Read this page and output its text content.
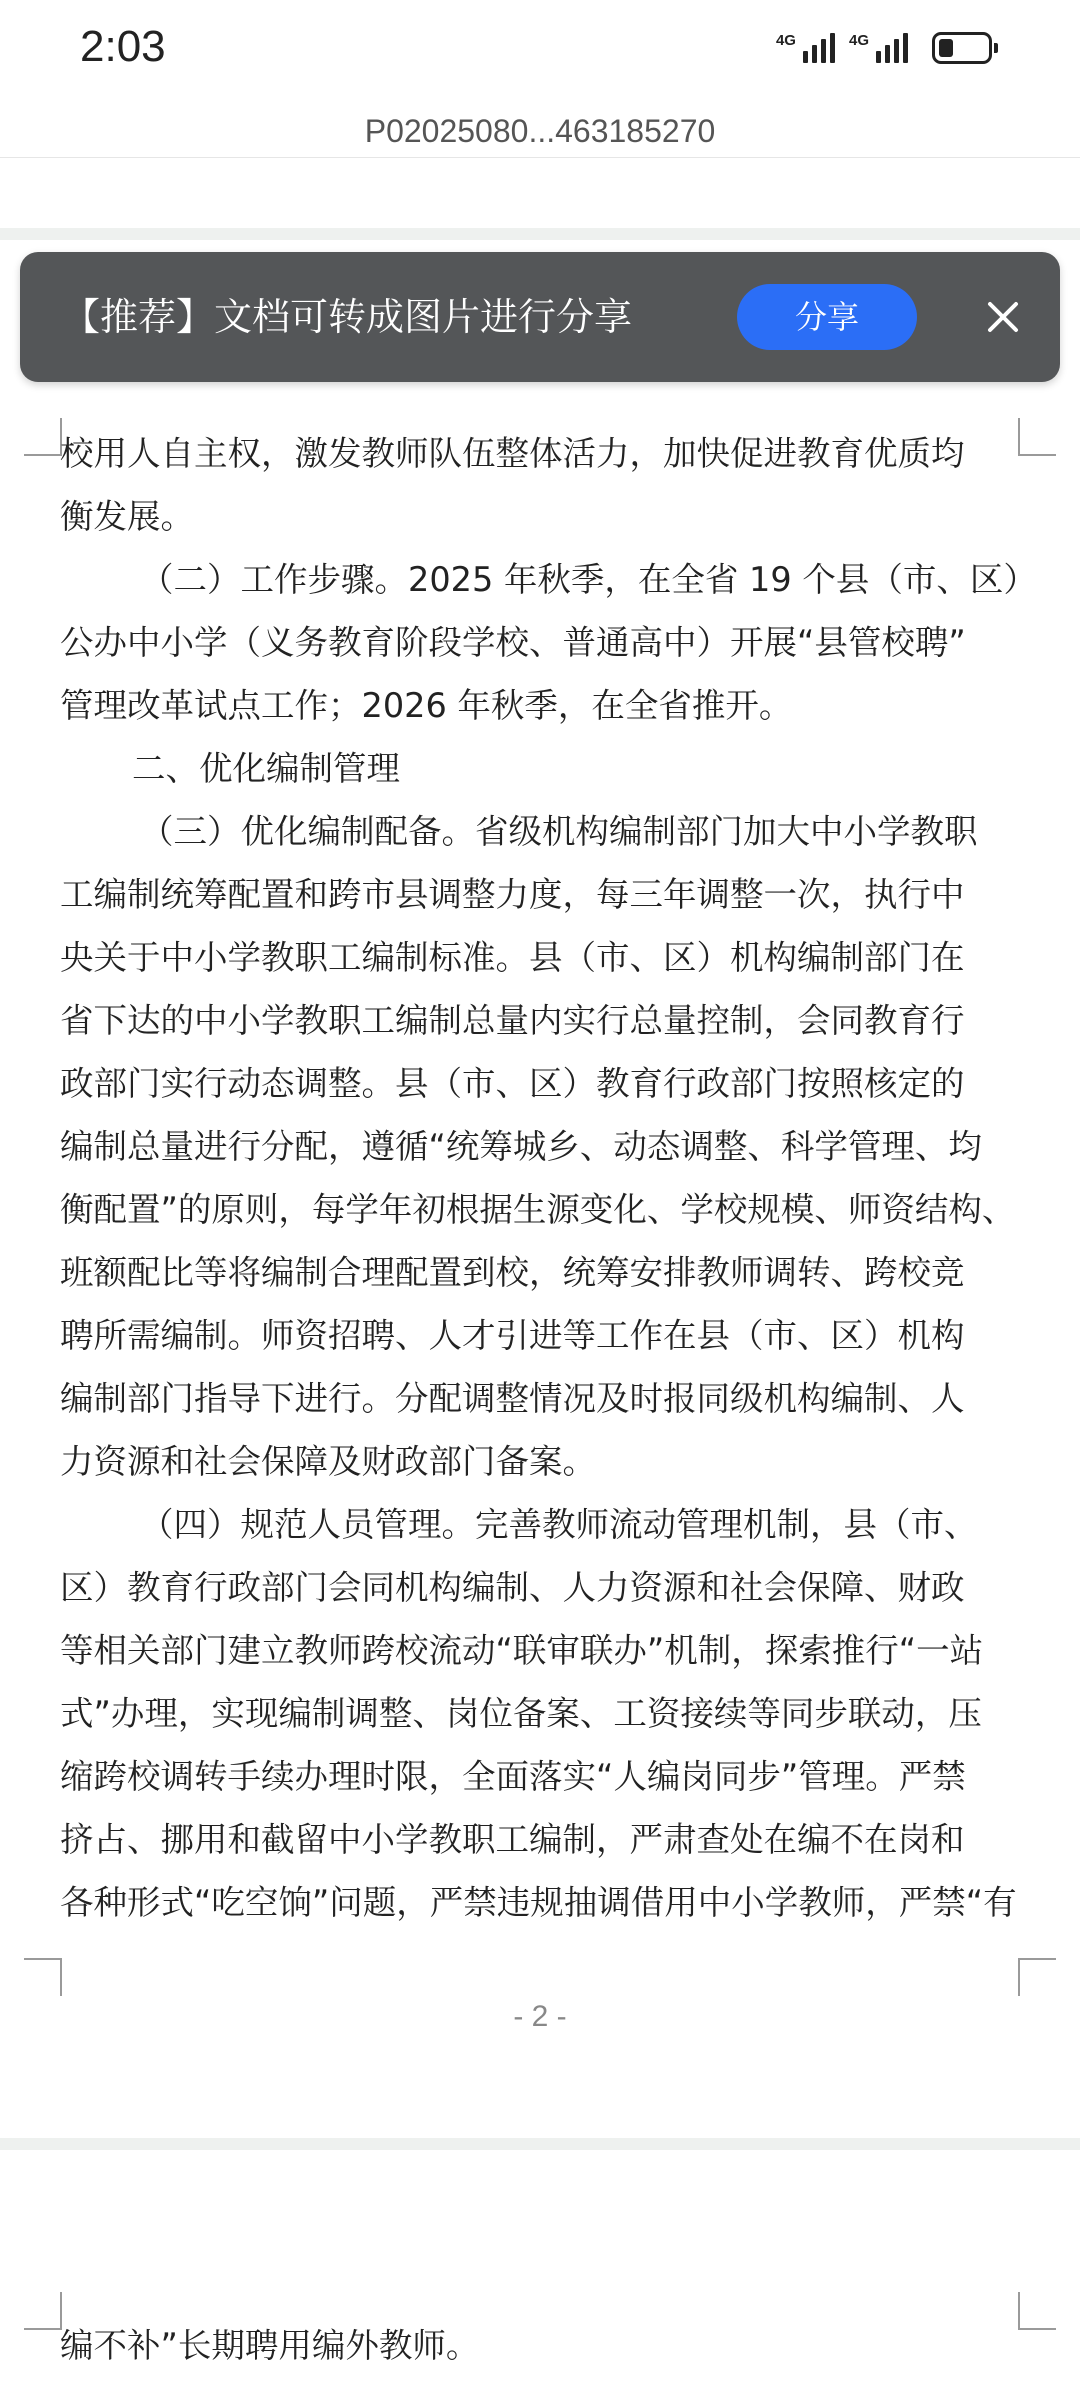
2:03	4G	4G
P02025080...463185270
校用人自主权，激发教师队伍整体活力，加快促进教育优质均
衡发展。
（二）工作步骤。2025 年秋季，在全省 19 个县（市、区）
公办中小学（义务教育阶段学校、普通高中）开展“县管校聘”
管理改革试点工作；2026 年秋季，在全省推开。
二、优化编制管理
（三）优化编制配备。省级机构编制部门加大中小学教职
工编制统筹配置和跨市县调整力度，每三年调整一次，执行中
央关于中小学教职工编制标准。县（市、区）机构编制部门在
省下达的中小学教职工编制总量内实行总量控制，会同教育行
政部门实行动态调整。县（市、区）教育行政部门按照核定的
编制总量进行分配，遵循“统筹城乡、动态调整、科学管理、均
衡配置”的原则，每学年初根据生源变化、学校规模、师资结构、
班额配比等将编制合理配置到校，统筹安排教师调转、跨校竞
聘所需编制。师资招聘、人才引进等工作在县（市、区）机构
编制部门指导下进行。分配调整情况及时报同级机构编制、人
力资源和社会保障及财政部门备案。
（四）规范人员管理。完善教师流动管理机制，县（市、
区）教育行政部门会同机构编制、人力资源和社会保障、财政
等相关部门建立教师跨校流动“联审联办”机制，探索推行“一站
式”办理，实现编制调整、岗位备案、工资接续等同步联动，压
缩跨校调转手续办理时限，全面落实“人编岗同步”管理。严禁
挤占、挪用和截留中小学教职工编制，严肃查处在编不在岗和
各种形式“吃空饷”问题，严禁违规抽调借用中小学教师，严禁“有
- 2 -
编不补”长期聘用编外教师。
【推荐】文档可转成图片进行分享	分享
